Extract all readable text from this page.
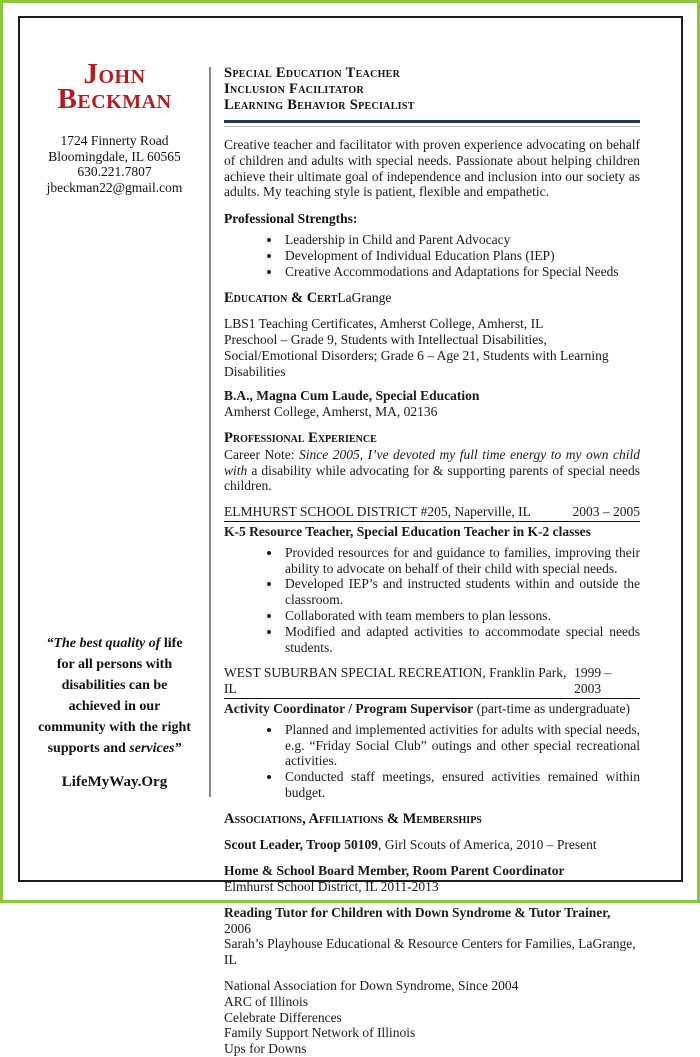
John
Beckman
1724 Finnerty Road
Bloomingdale, IL 60565
630.221.7807
jbeckman22@gmail.com
“The best quality of life for all persons with disabilities can be achieved in our community with the right supports and services”
LifeMyWay.Org
Special Education Teacher
Inclusion Facilitator
Learning Behavior Specialist
Creative teacher and facilitator with proven experience advocating on behalf of children and adults with special needs. Passionate about helping children achieve their ultimate goal of independence and inclusion into our society as adults. My teaching style is patient, flexible and empathetic.
Professional Strengths:
• Leadership in Child and Parent Advocacy
• Development of Individual Education Plans (IEP)
• Creative Accommodations and Adaptations for Special Needs
Education & CertLaGrange
LBS1 Teaching Certificates, Amherst College, Amherst, IL
Preschool – Grade 9, Students with Intellectual Disabilities, Social/Emotional Disorders; Grade 6 – Age 21, Students with Learning Disabilities
B.A., Magna Cum Laude, Special Education
Amherst College, Amherst, MA, 02136
Professional Experience
Career Note: Since 2005, I’ve devoted my full time energy to my own child with a disability while advocating for & supporting parents of special needs children.
ELMHURST SCHOOL DISTRICT #205, Naperville, IL	2003 – 2005
K-5 Resource Teacher, Special Education Teacher in K-2 classes
• Provided resources for and guidance to families, improving their ability to advocate on behalf of their child with special needs.
• Developed IEP’s and instructed students within and outside the classroom.
• Collaborated with team members to plan lessons.
• Modified and adapted activities to accommodate special needs students.
WEST SUBURBAN SPECIAL RECREATION, Franklin Park, IL
1999 – 2003
Activity Coordinator / Program Supervisor (part-time as undergraduate)
• Planned and implemented activities for adults with special needs, e.g. “Friday Social Club” outings and other special recreational activities.
• Conducted staff meetings, ensured activities remained within budget.
Associations, Affiliations & Memberships
Scout Leader, Troop 50109, Girl Scouts of America, 2010 – Present
Home & School Board Member, Room Parent Coordinator
Elmhurst School District, IL 2011-2013
Reading Tutor for Children with Down Syndrome & Tutor Trainer, 2006
Sarah’s Playhouse Educational & Resource Centers for Families, LaGrange, IL
National Association for Down Syndrome, Since 2004
ARC of Illinois
Celebrate Differences
Family Support Network of Illinois
Ups for Downs
